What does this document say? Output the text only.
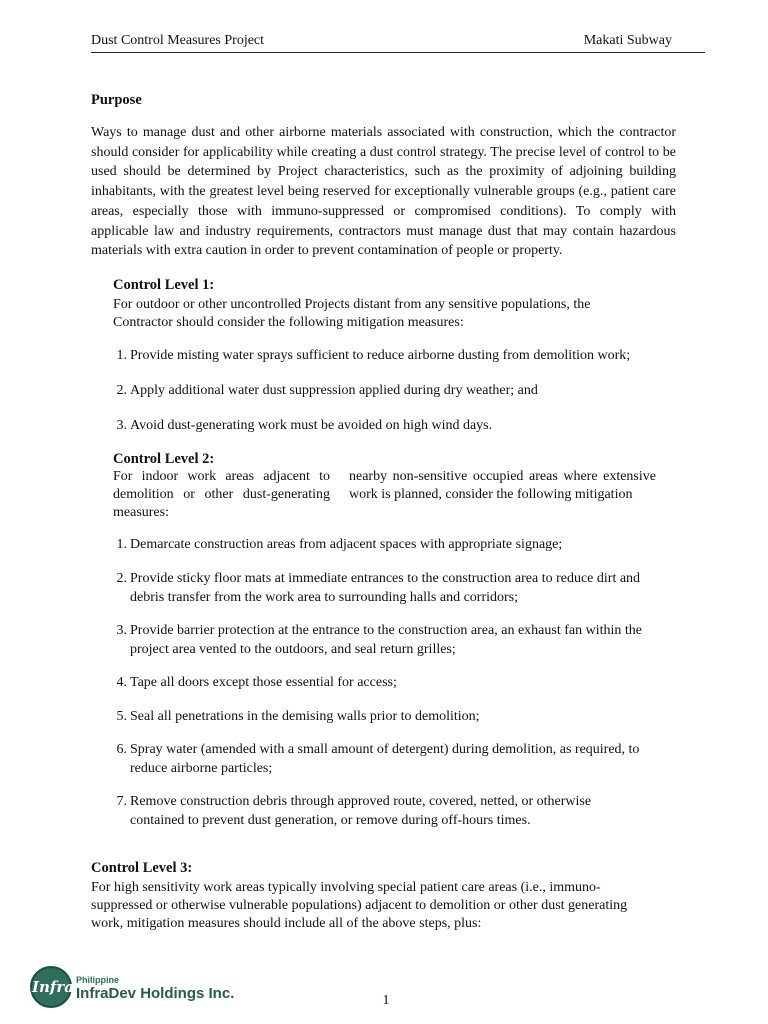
Dust Control Measures Project	Makati Subway
Purpose

Ways to manage dust and other airborne materials associated with construction, which the contractor should consider for applicability while creating a dust control strategy. The precise level of control to be used should be determined by Project characteristics, such as the proximity of adjoining building inhabitants, with the greatest level being reserved for exceptionally vulnerable groups (e.g., patient care areas, especially those with immuno-suppressed or compromised conditions). To comply with applicable law and industry requirements, contractors must manage dust that may contain hazardous materials with extra caution in order to prevent contamination of people or property.

Control Level 1:

For outdoor or other uncontrolled Projects distant from any sensitive populations, the Contractor should consider the following mitigation measures:

1. Provide misting water sprays sufficient to reduce airborne dusting from demolition work;
2. Apply additional water dust suppression applied during dry weather; and
3. Avoid dust-generating work must be avoided on high wind days.
Control Level 2:
For indoor work areas adjacent to demolition or other dust-generating measures:
nearby non-sensitive occupied areas where extensive work is planned, consider the following mitigation
1. Demarcate construction areas from adjacent spaces with appropriate signage;
2. Provide sticky floor mats at immediate entrances to the construction area to reduce dirt and debris transfer from the work area to surrounding halls and corridors;
3. Provide barrier protection at the entrance to the construction area, an exhaust fan within the project area vented to the outdoors, and seal return grilles;
4. Tape all doors except those essential for access;
5. Seal all penetrations in the demising walls prior to demolition;
6. Spray water (amended with a small amount of detergent) during demolition, as required, to reduce airborne particles;
7. Remove construction debris through approved route, covered, netted, or otherwise contained to prevent dust generation, or remove during off-hours times.
Control Level 3:

For high sensitivity work areas typically involving special patient care areas (i.e., immuno-suppressed or otherwise vulnerable populations) adjacent to demolition or other dust generating work, mitigation measures should include all of the above steps, plus:

Infra Philippine
InfraDev Holdings Inc.	1
